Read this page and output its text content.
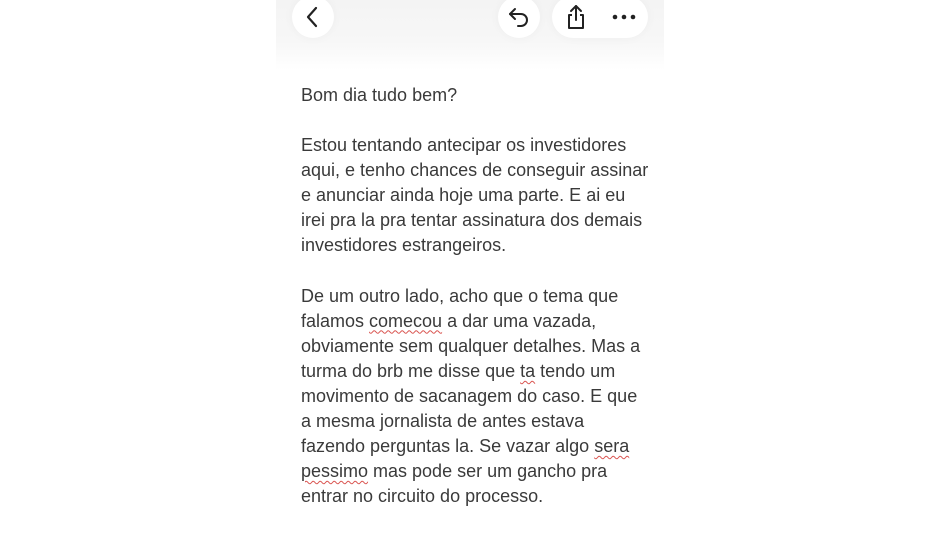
Bom dia tudo bem?

Estou tentando antecipar os investidores aqui, e tenho chances de conseguir assinar e anunciar ainda hoje uma parte. E ai eu irei pra la pra tentar assinatura dos demais investidores estrangeiros.

De um outro lado, acho que o tema que falamos comecou a dar uma vazada, obviamente sem qualquer detalhes. Mas a turma do brb me disse que ta tendo um movimento de sacanagem do caso. E que a mesma jornalista de antes estava fazendo perguntas la. Se vazar algo sera pessimo mas pode ser um gancho pra entrar no circuito do processo.
